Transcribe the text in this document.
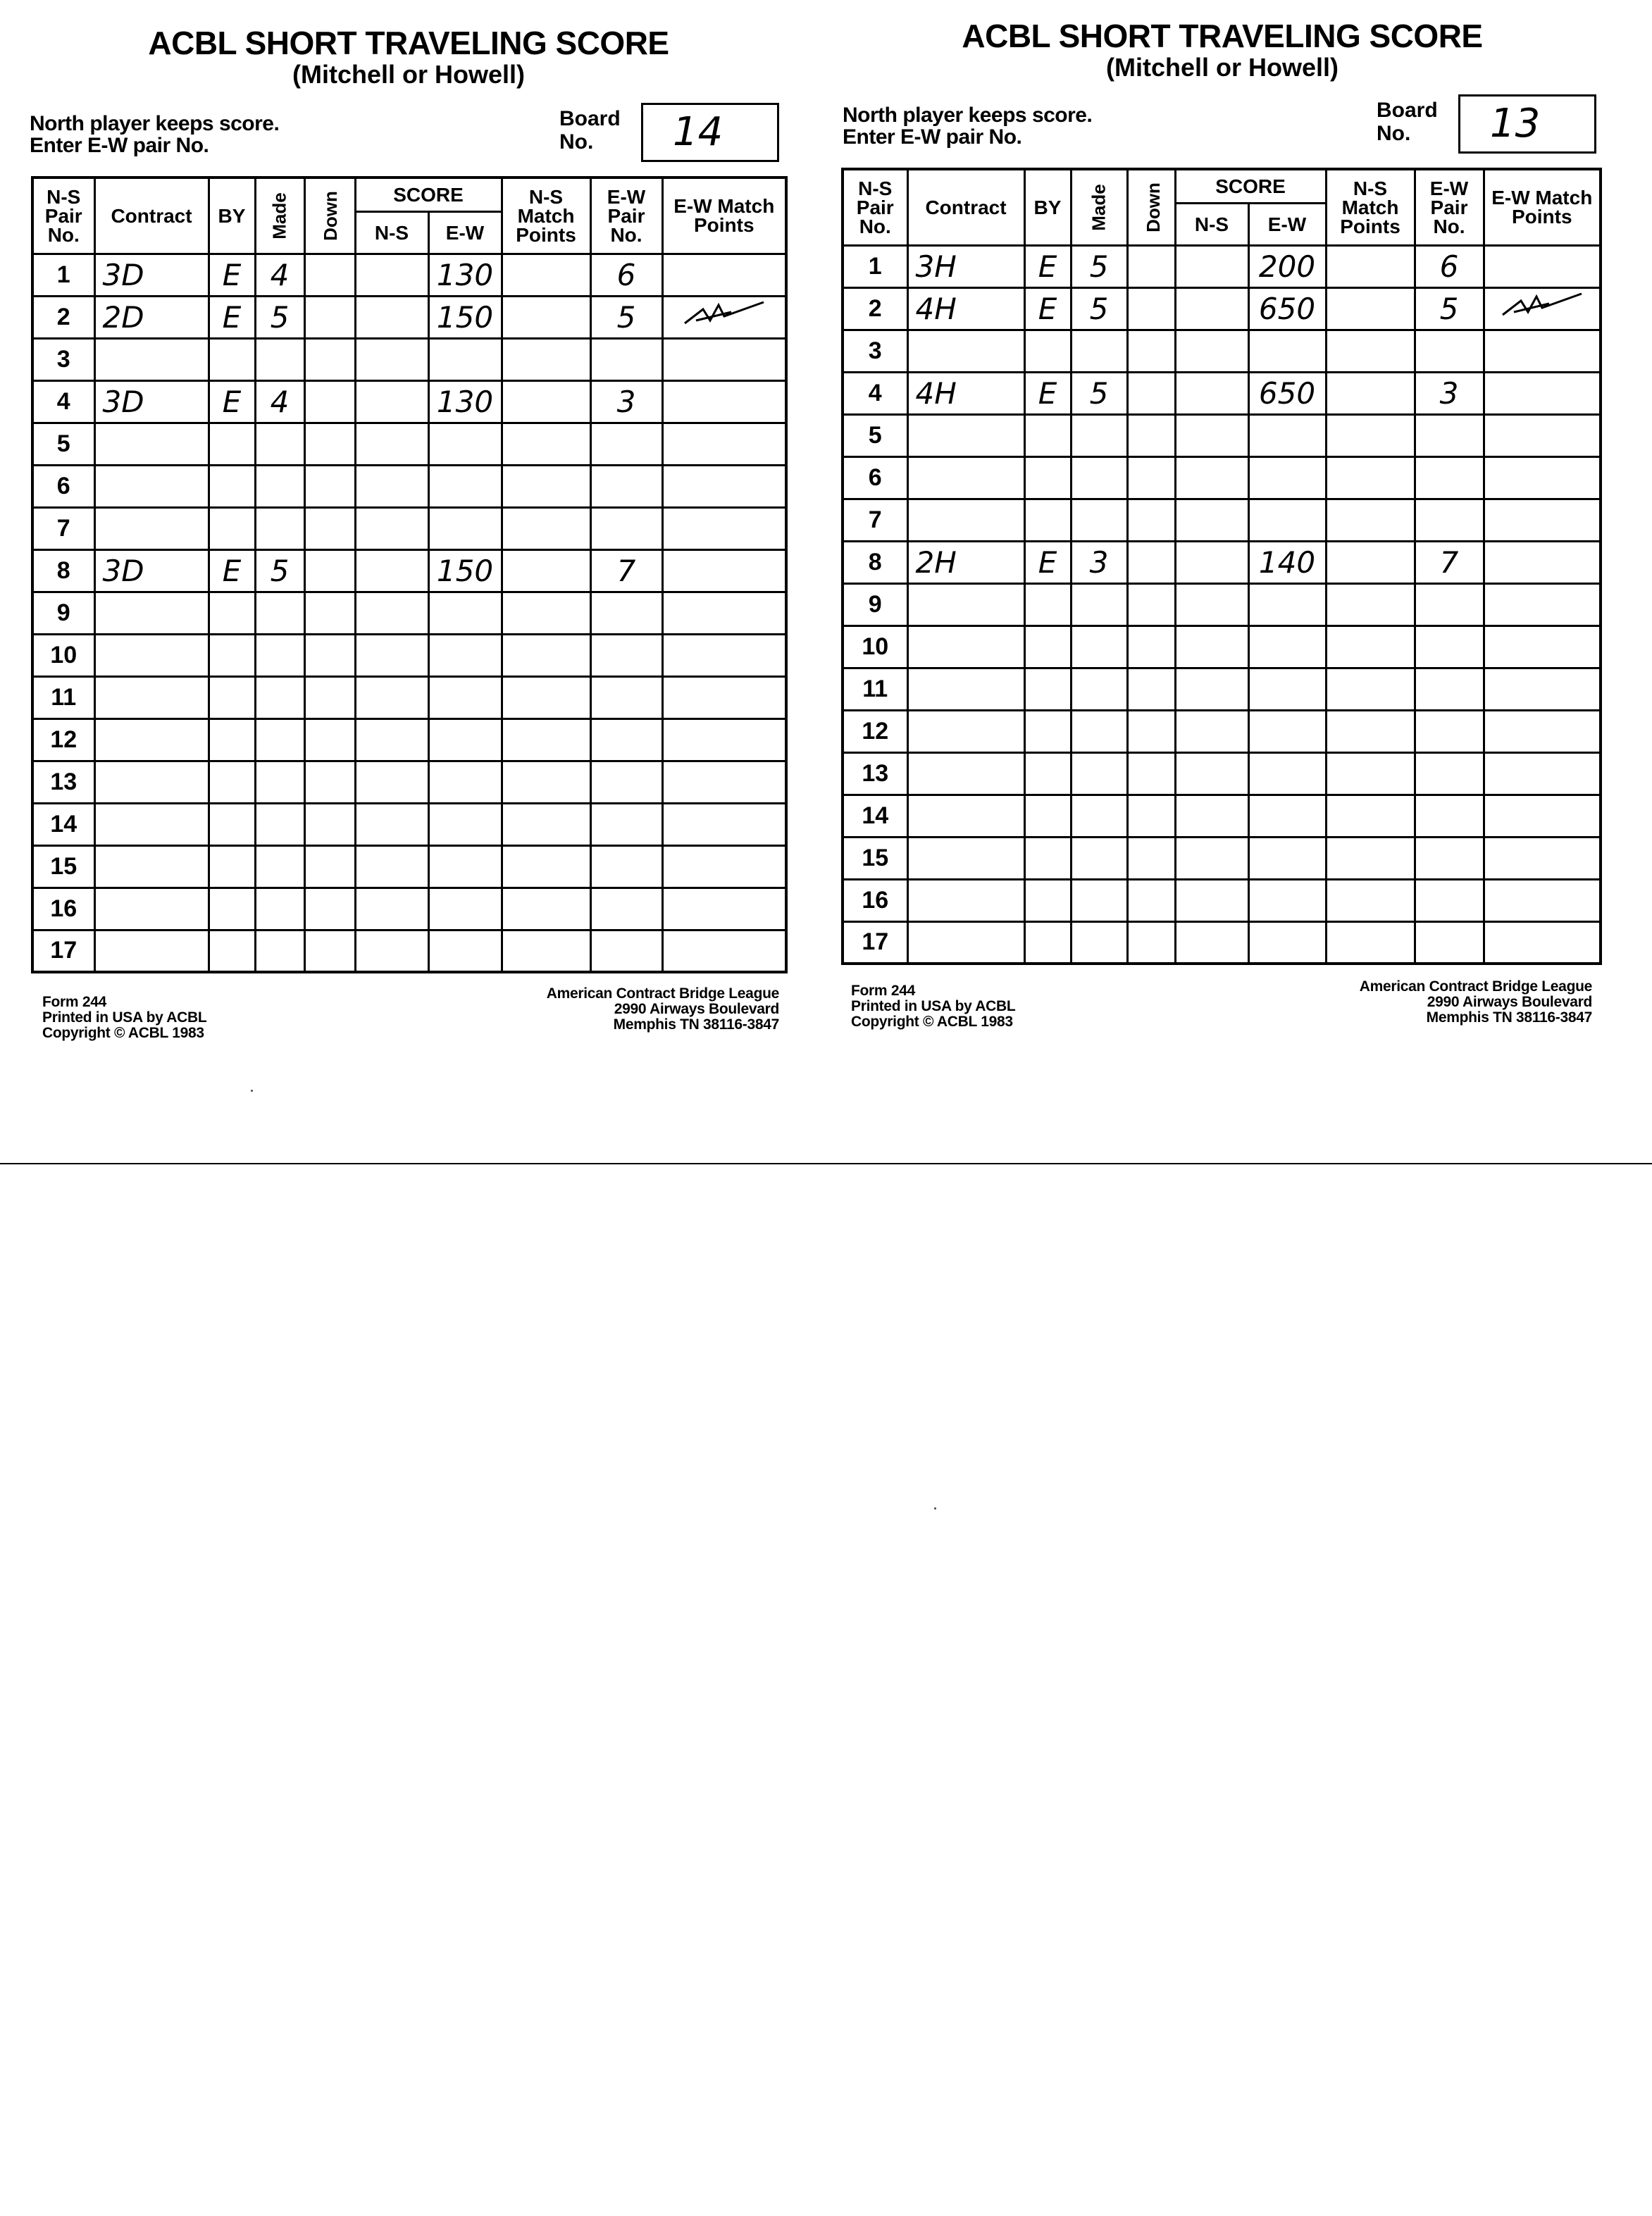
ACBL SHORT TRAVELING SCORE
(Mitchell or Howell)
North player keeps score.
Enter E-W pair No.
Board No.	14
N-S Pair No.	Contract	BY	Made	Down	SCORE		N-S Match Points	E-W Pair No.	E-W Match Points
					N-S	E-W			
1	3D	E	4			130		6	
2	2D	E	5			150		5	
3									
4	3D	E	4			130		3	
5									
6									
7									
8	3D	E	5			150		7	
9									
10									
11									
12									
13									
14									
15									
16									
17									
Form 244
Printed in USA by ACBL
Copyright © ACBL 1983
American Contract Bridge League
2990 Airways Boulevard
Memphis TN 38116-3847
ACBL SHORT TRAVELING SCORE
(Mitchell or Howell)
North player keeps score.
Enter E-W pair No.
Board No.	13
N-S Pair No.	Contract	BY	Made	Down	SCORE		N-S Match Points	E-W Pair No.	E-W Match Points
					N-S	E-W			
1	3H	E	5			200		6	
2	4H	E	5			650		5	
3									
4	4H	E	5			650		3	
5									
6									
7									
8	2H	E	3			140		7	
9									
10									
11									
12									
13									
14									
15									
16									
17									
Form 244
Printed in USA by ACBL
Copyright © ACBL 1983
American Contract Bridge League
2990 Airways Boulevard
Memphis TN 38116-3847
